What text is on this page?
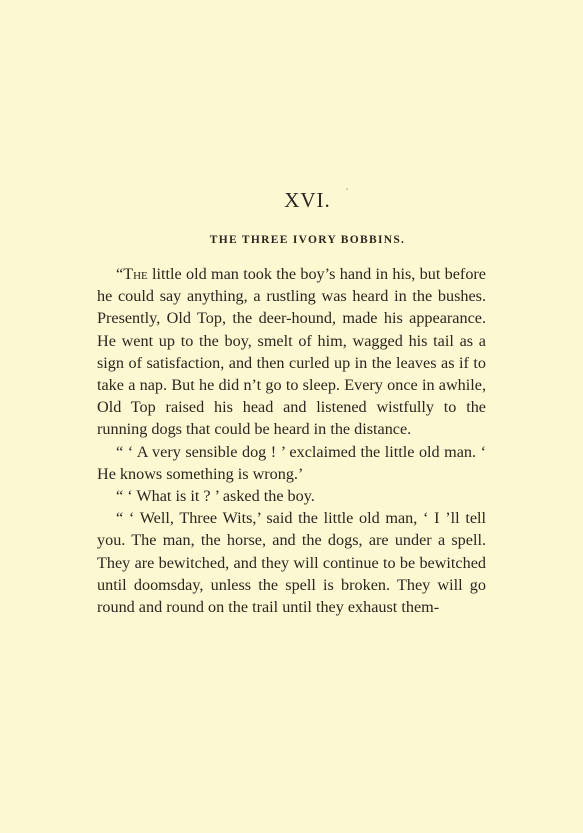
XVI.
THE THREE IVORY BOBBINS.

“The little old man took the boy’s hand in his, but before he could say anything, a rustling was heard in the bushes. Presently, Old Top, the deer-hound, made his appearance. He went up to the boy, smelt of him, wagged his tail as a sign of satisfaction, and then curled up in the leaves as if to take a nap. But he did n’t go to sleep. Every once in awhile, Old Top raised his head and listened wistfully to the running dogs that could be heard in the distance.

“ ‘ A very sensible dog ! ’ exclaimed the little old man. ‘ He knows something is wrong.’

“ ‘ What is it ? ’ asked the boy.

“ ‘ Well, Three Wits,’ said the little old man, ‘ I ’ll tell you. The man, the horse, and the dogs, are under a spell. They are bewitched, and they will continue to be bewitched until doomsday, unless the spell is broken. They will go round and round on the trail until they exhaust them-
